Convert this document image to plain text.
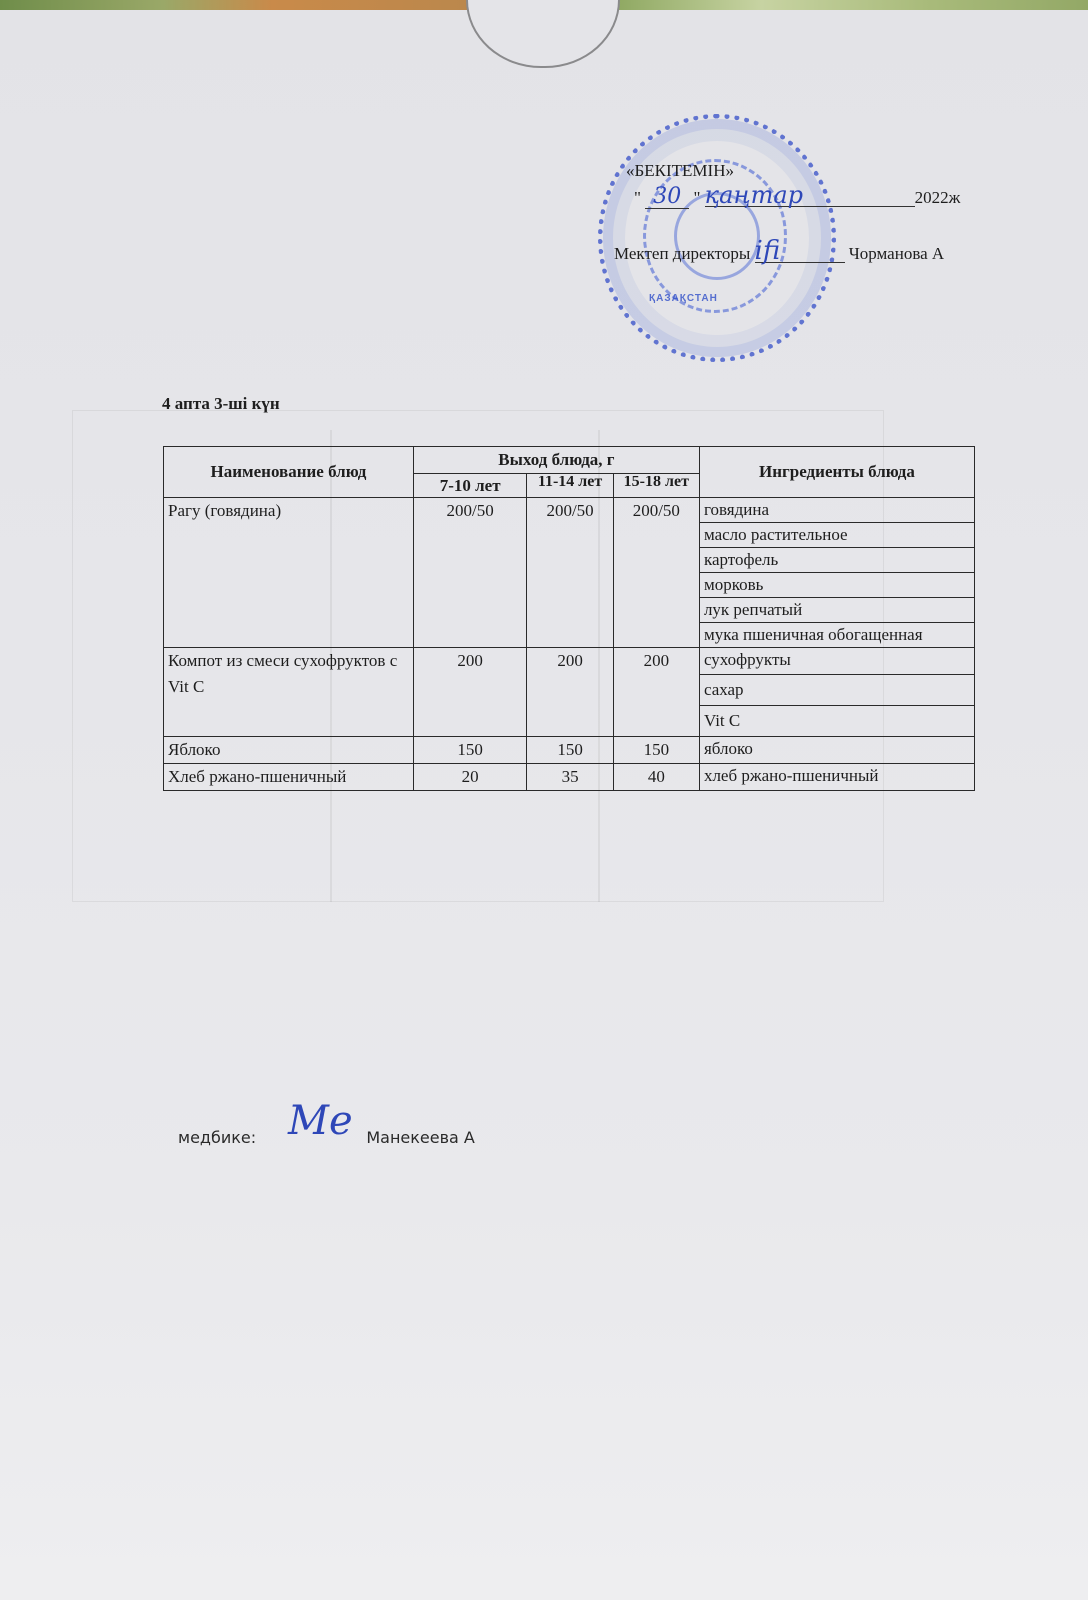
ҚАЗАҚСТАН
«БЕКІТЕМІН»
" 30 " қаңтар	2022ж
Мектеп директоры ifi	Чорманова А
4 апта 3-ші күн
Наименование блюд	Выход блюда, г			Ингредиенты блюда
	7-10 лет	11-14 лет	15-18 лет	

Рагу (говядина)	200/50	200/50	200/50	говядина
				масло растительное
				картофель
				морковь
				лук репчатый
				мука пшеничная обогащенная
Компот из смеси сухофруктов с Vit C	200	200	200	сухофрукты
				сахар
				Vit C
Яблоко	150	150	150	яблоко
Хлеб ржано-пшеничный	20	35	40	хлеб ржано-пшеничный
медбике:	Манекеева А
Me
